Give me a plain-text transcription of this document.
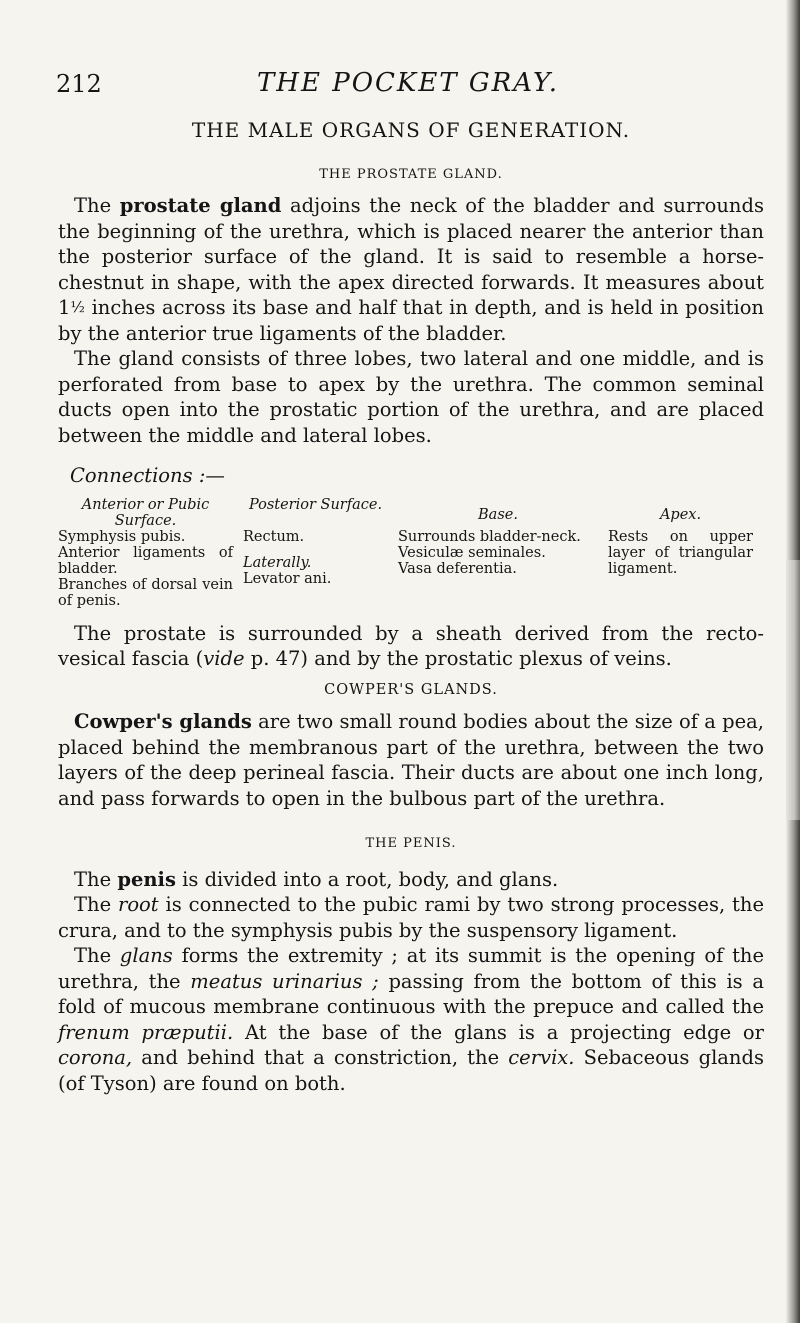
212	THE POCKET GRAY.
THE MALE ORGANS OF GENERATION.
THE PROSTATE GLAND.

The prostate gland adjoins the neck of the bladder and surrounds the beginning of the urethra, which is placed nearer the anterior than the posterior surface of the gland. It is said to resemble a horse-chestnut in shape, with the apex directed forwards. It measures about 1½ inches across its base and half that in depth, and is held in position by the anterior true ligaments of the bladder.

The gland consists of three lobes, two lateral and one middle, and is perforated from base to apex by the urethra. The common seminal ducts open into the prostatic portion of the urethra, and are placed between the middle and lateral lobes.

Connections :—

Anterior or Pubic Surface.
Posterior Surface.
Base.	Apex.
Symphysis pubis.
Anterior ligaments of bladder.
Branches of dorsal vein of penis.
Rectum.
Laterally.
Levator ani.
Surrounds bladder-neck.
Vesiculæ seminales.
Vasa deferentia.
Rests on upper layer of triangular ligament.

The prostate is surrounded by a sheath derived from the recto-vesical fascia (vide p. 47) and by the prostatic plexus of veins.

COWPER'S GLANDS.

Cowper's glands are two small round bodies about the size of a pea, placed behind the membranous part of the urethra, between the two layers of the deep perineal fascia. Their ducts are about one inch long, and pass forwards to open in the bulbous part of the urethra.

THE PENIS.

The penis is divided into a root, body, and glans.

The root is connected to the pubic rami by two strong processes, the crura, and to the symphysis pubis by the suspensory ligament.

The glans forms the extremity ; at its summit is the opening of the urethra, the meatus urinarius ; passing from the bottom of this is a fold of mucous membrane continuous with the prepuce and called the frenum præputii. At the base of the glans is a projecting edge or corona, and behind that a constriction, the cervix. Sebaceous glands (of Tyson) are found on both.
